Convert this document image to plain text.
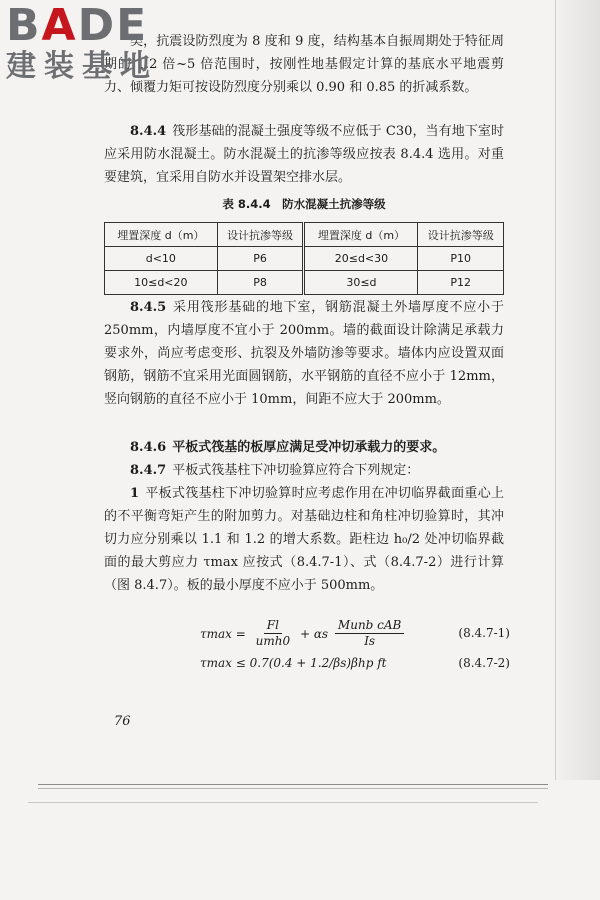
BADE
建装基地
类，抗震设防烈度为 8 度和 9 度，结构基本自振周期处于特征周期的 1.2 倍~5 倍范围时，按刚性地基假定计算的基底水平地震剪力、倾覆力矩可按设防烈度分别乘以 0.90 和 0.85 的折减系数。
8.4.4 筏形基础的混凝土强度等级不应低于 C30，当有地下室时应采用防水混凝土。防水混凝土的抗渗等级应按表 8.4.4 选用。对重要建筑，宜采用自防水并设置架空排水层。
表 8.4.4　防水混凝土抗渗等级
埋置深度 d（m）	设计抗渗等级	埋置深度 d（m）	设计抗渗等级
d<10	P6	20≤d<30	P10
10≤d<20	P8	30≤d	P12
8.4.5 采用筏形基础的地下室，钢筋混凝土外墙厚度不应小于 250mm，内墙厚度不宜小于 200mm。墙的截面设计除满足承载力要求外，尚应考虑变形、抗裂及外墙防渗等要求。墙体内应设置双面钢筋，钢筋不宜采用光面圆钢筋，水平钢筋的直径不应小于 12mm，竖向钢筋的直径不应小于 10mm，间距不应大于 200mm。
8.4.6 平板式筏基的板厚应满足受冲切承载力的要求。
8.4.7 平板式筏基柱下冲切验算应符合下列规定：
1 平板式筏基柱下冲切验算时应考虑作用在冲切临界截面重心上的不平衡弯矩产生的附加剪力。对基础边柱和角柱冲切验算时，其冲切力应分别乘以 1.1 和 1.2 的增大系数。距柱边 h₀/2 处冲切临界截面的最大剪应力 τmax 应按式（8.4.7-1）、式（8.4.7-2）进行计算（图 8.4.7）。板的最小厚度不应小于 500mm。
$\tau\max = \frac{Fl}{\text{umh0}} + \alpha s \frac{\text{Munb cAB}}{Is}$	(8.4.7-1)
τmax ≤ 0.7(0.4 + 1.2/βs)βhp ft	(8.4.7-2)
76
